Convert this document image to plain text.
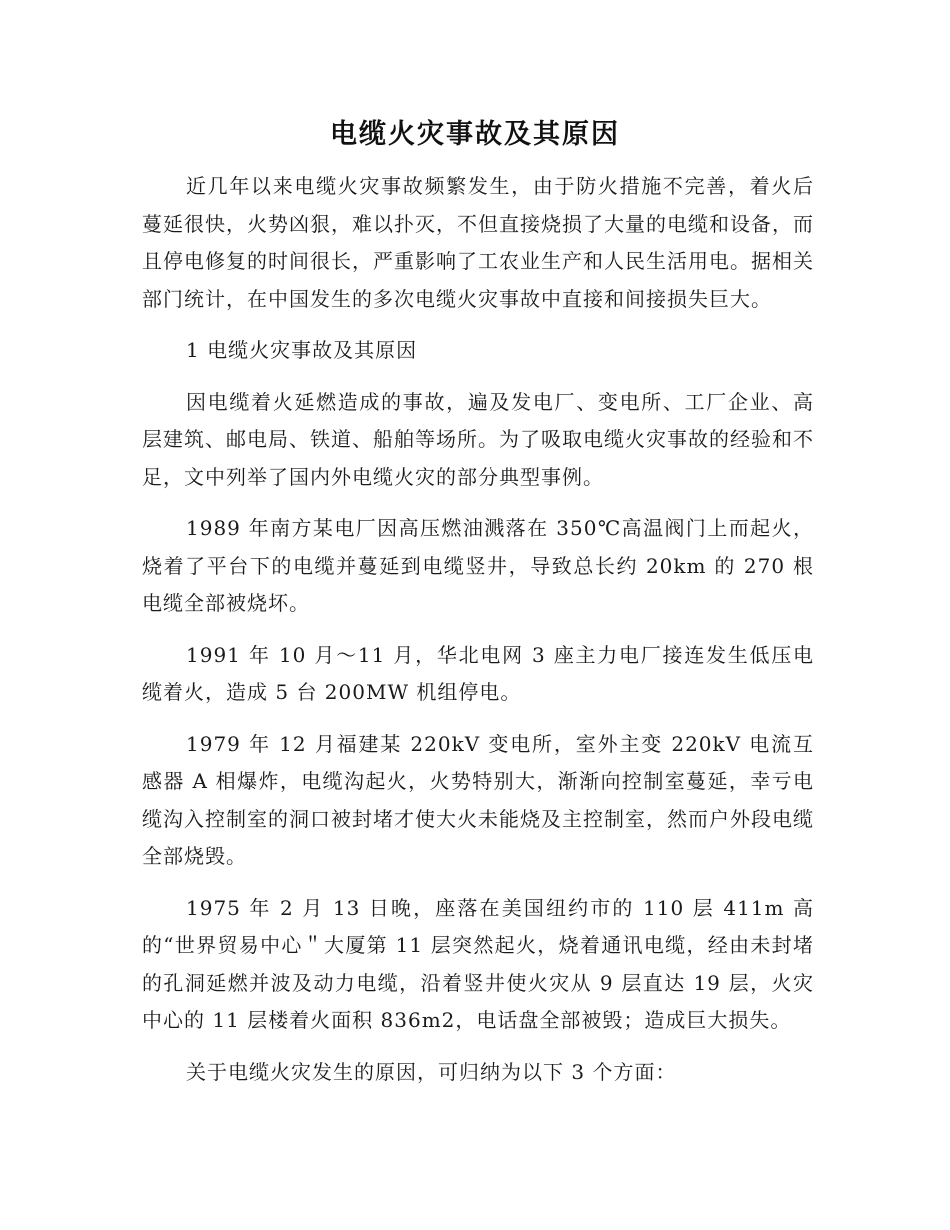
电缆火灾事故及其原因

近几年以来电缆火灾事故频繁发生，由于防火措施不完善，着火后蔓延很快，火势凶狠，难以扑灭，不但直接烧损了大量的电缆和设备，而且停电修复的时间很长，严重影响了工农业生产和人民生活用电。据相关部门统计，在中国发生的多次电缆火灾事故中直接和间接损失巨大。

1 电缆火灾事故及其原因

因电缆着火延燃造成的事故，遍及发电厂、变电所、工厂企业、高层建筑、邮电局、铁道、船舶等场所。为了吸取电缆火灾事故的经验和不足，文中列举了国内外电缆火灾的部分典型事例。

1989 年南方某电厂因高压燃油溅落在 350℃高温阀门上而起火，烧着了平台下的电缆并蔓延到电缆竖井，导致总长约 20km 的 270 根电缆全部被烧坏。

1991 年 10 月～11 月，华北电网 3 座主力电厂接连发生低压电缆着火，造成 5 台 200MW 机组停电。

1979 年 12 月福建某 220kV 变电所，室外主变 220kV 电流互感器 A 相爆炸，电缆沟起火，火势特别大，渐渐向控制室蔓延，幸亏电缆沟入控制室的洞口被封堵才使大火未能烧及主控制室，然而户外段电缆全部烧毁。

1975 年 2 月 13 日晚，座落在美国纽约市的 110 层 411m 高的“世界贸易中心＂大厦第 11 层突然起火，烧着通讯电缆，经由未封堵的孔洞延燃并波及动力电缆，沿着竖井使火灾从 9 层直达 19 层，火灾中心的 11 层楼着火面积 836m2，电话盘全部被毁；造成巨大损失。

关于电缆火灾发生的原因，可归纳为以下 3 个方面：
